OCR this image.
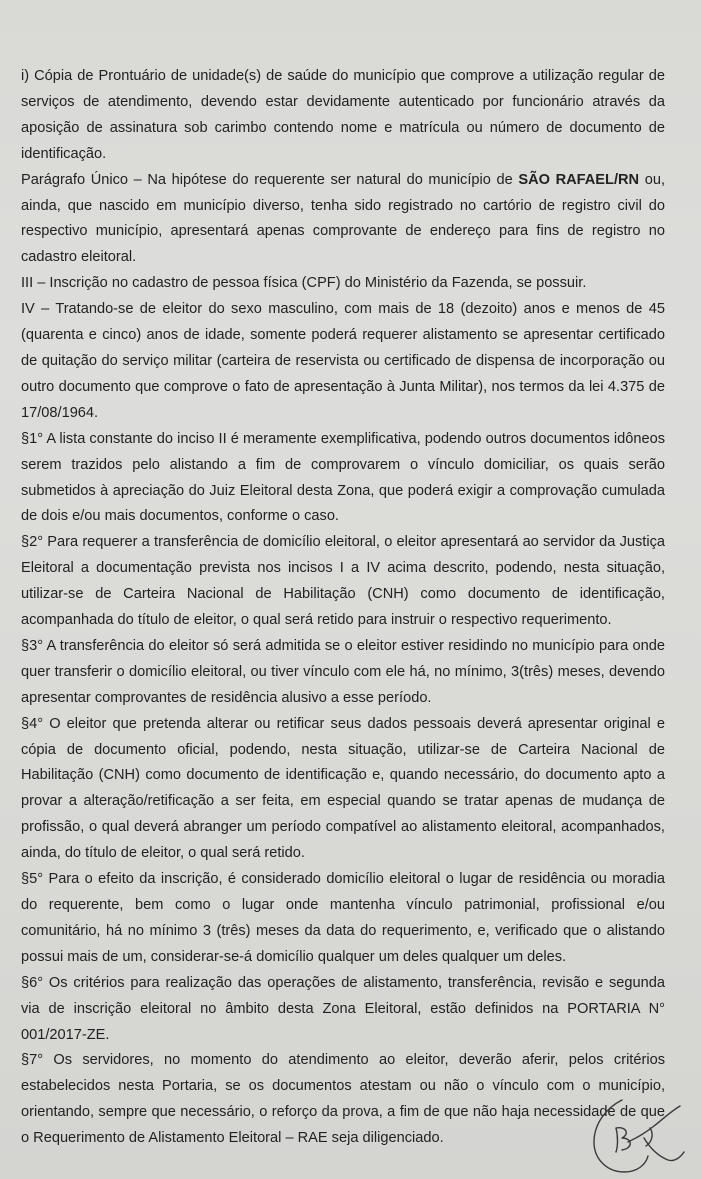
i) Cópia de Prontuário de unidade(s) de saúde do município que comprove a utilização regular de serviços de atendimento, devendo estar devidamente autenticado por funcionário através da aposição de assinatura sob carimbo contendo nome e matrícula ou número de documento de identificação.

Parágrafo Único – Na hipótese do requerente ser natural do município de SÃO RAFAEL/RN ou, ainda, que nascido em município diverso, tenha sido registrado no cartório de registro civil do respectivo município, apresentará apenas comprovante de endereço para fins de registro no cadastro eleitoral.

III – Inscrição no cadastro de pessoa física (CPF) do Ministério da Fazenda, se possuir.

IV – Tratando-se de eleitor do sexo masculino, com mais de 18 (dezoito) anos e menos de 45 (quarenta e cinco) anos de idade, somente poderá requerer alistamento se apresentar certificado de quitação do serviço militar (carteira de reservista ou certificado de dispensa de incorporação ou outro documento que comprove o fato de apresentação à Junta Militar), nos termos da lei 4.375 de 17/08/1964.

§1° A lista constante do inciso II é meramente exemplificativa, podendo outros documentos idôneos serem trazidos pelo alistando a fim de comprovarem o vínculo domiciliar, os quais serão submetidos à apreciação do Juiz Eleitoral desta Zona, que poderá exigir a comprovação cumulada de dois e/ou mais documentos, conforme o caso.

§2° Para requerer a transferência de domicílio eleitoral, o eleitor apresentará ao servidor da Justiça Eleitoral a documentação prevista nos incisos I a IV acima descrito, podendo, nesta situação, utilizar-se de Carteira Nacional de Habilitação (CNH) como documento de identificação, acompanhada do título de eleitor, o qual será retido para instruir o respectivo requerimento.

§3° A transferência do eleitor só será admitida se o eleitor estiver residindo no município para onde quer transferir o domicílio eleitoral, ou tiver vínculo com ele há, no mínimo, 3(três) meses, devendo apresentar comprovantes de residência alusivo a esse período.

§4° O eleitor que pretenda alterar ou retificar seus dados pessoais deverá apresentar original e cópia de documento oficial, podendo, nesta situação, utilizar-se de Carteira Nacional de Habilitação (CNH) como documento de identificação e, quando necessário, do documento apto a provar a alteração/retificação a ser feita, em especial quando se tratar apenas de mudança de profissão, o qual deverá abranger um período compatível ao alistamento eleitoral, acompanhados, ainda, do título de eleitor, o qual será retido.

§5° Para o efeito da inscrição, é considerado domicílio eleitoral o lugar de residência ou moradia do requerente, bem como o lugar onde mantenha vínculo patrimonial, profissional e/ou comunitário, há no mínimo 3 (três) meses da data do requerimento, e, verificado que o alistando possui mais de um, considerar-se-á domicílio qualquer um deles qualquer um deles.

§6° Os critérios para realização das operações de alistamento, transferência, revisão e segunda via de inscrição eleitoral no âmbito desta Zona Eleitoral, estão definidos na PORTARIA N° 001/2017-ZE.

§7° Os servidores, no momento do atendimento ao eleitor, deverão aferir, pelos critérios estabelecidos nesta Portaria, se os documentos atestam ou não o vínculo com o município, orientando, sempre que necessário, o reforço da prova, a fim de que não haja necessidade de que o Requerimento de Alistamento Eleitoral – RAE seja diligenciado.
